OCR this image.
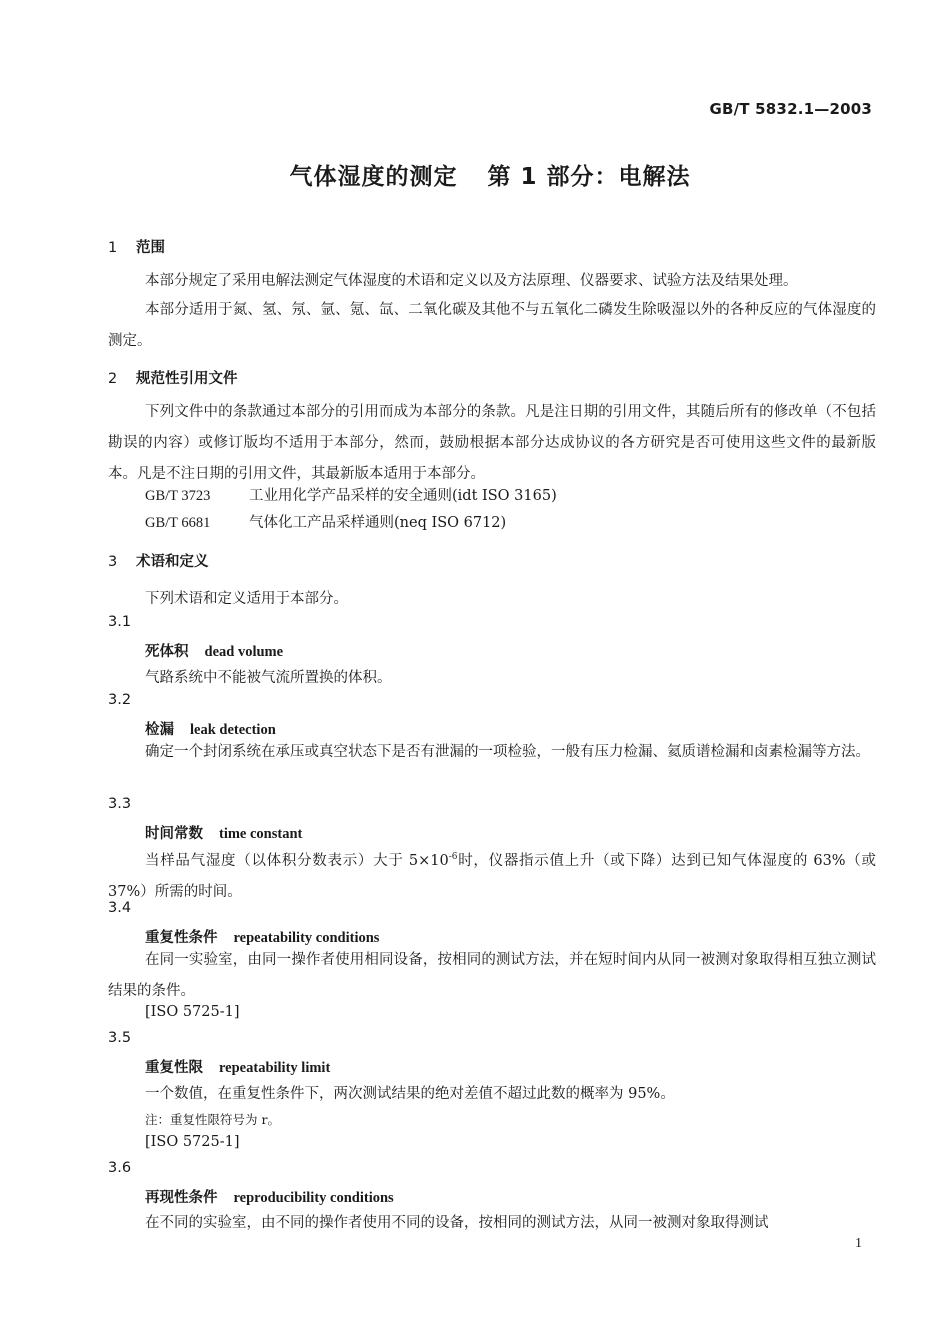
GB/T 5832.1—2003
气体湿度的测定 第 1 部分：电解法
1 范围
本部分规定了采用电解法测定气体湿度的术语和定义以及方法原理、仪器要求、试验方法及结果处理。
本部分适用于氮、氢、氖、氩、氪、氙、二氧化碳及其他不与五氧化二磷发生除吸湿以外的各种反应的气体湿度的测定。
2 规范性引用文件
下列文件中的条款通过本部分的引用而成为本部分的条款。凡是注日期的引用文件，其随后所有的修改单（不包括勘误的内容）或修订版均不适用于本部分，然而，鼓励根据本部分达成协议的各方研究是否可使用这些文件的最新版本。凡是不注日期的引用文件，其最新版本适用于本部分。
GB/T 3723	工业用化学产品采样的安全通则(idt ISO 3165)
GB/T 6681	气体化工产品采样通则(neq ISO 6712)
3 术语和定义
下列术语和定义适用于本部分。
3.1
死体积 dead volume
气路系统中不能被气流所置换的体积。
3.2
检漏 leak detection
确定一个封闭系统在承压或真空状态下是否有泄漏的一项检验，一般有压力检漏、氦质谱检漏和卤素检漏等方法。
3.3
时间常数 time constant
当样品气湿度（以体积分数表示）大于 $5\times 10^{-6}$时，仪器指示值上升（或下降）达到已知气体湿度的 63%（或 37%）所需的时间。
3.4
重复性条件 repeatability conditions
在同一实验室，由同一操作者使用相同设备，按相同的测试方法，并在短时间内从同一被测对象取得相互独立测试结果的条件。
[ISO 5725-1]
3.5
重复性限 repeatability limit
一个数值，在重复性条件下，两次测试结果的绝对差值不超过此数的概率为 95%。
注：重复性限符号为 r。
[ISO 5725-1]
3.6
再现性条件 reproducibility conditions
在不同的实验室，由不同的操作者使用不同的设备，按相同的测试方法，从同一被测对象取得测试
1
